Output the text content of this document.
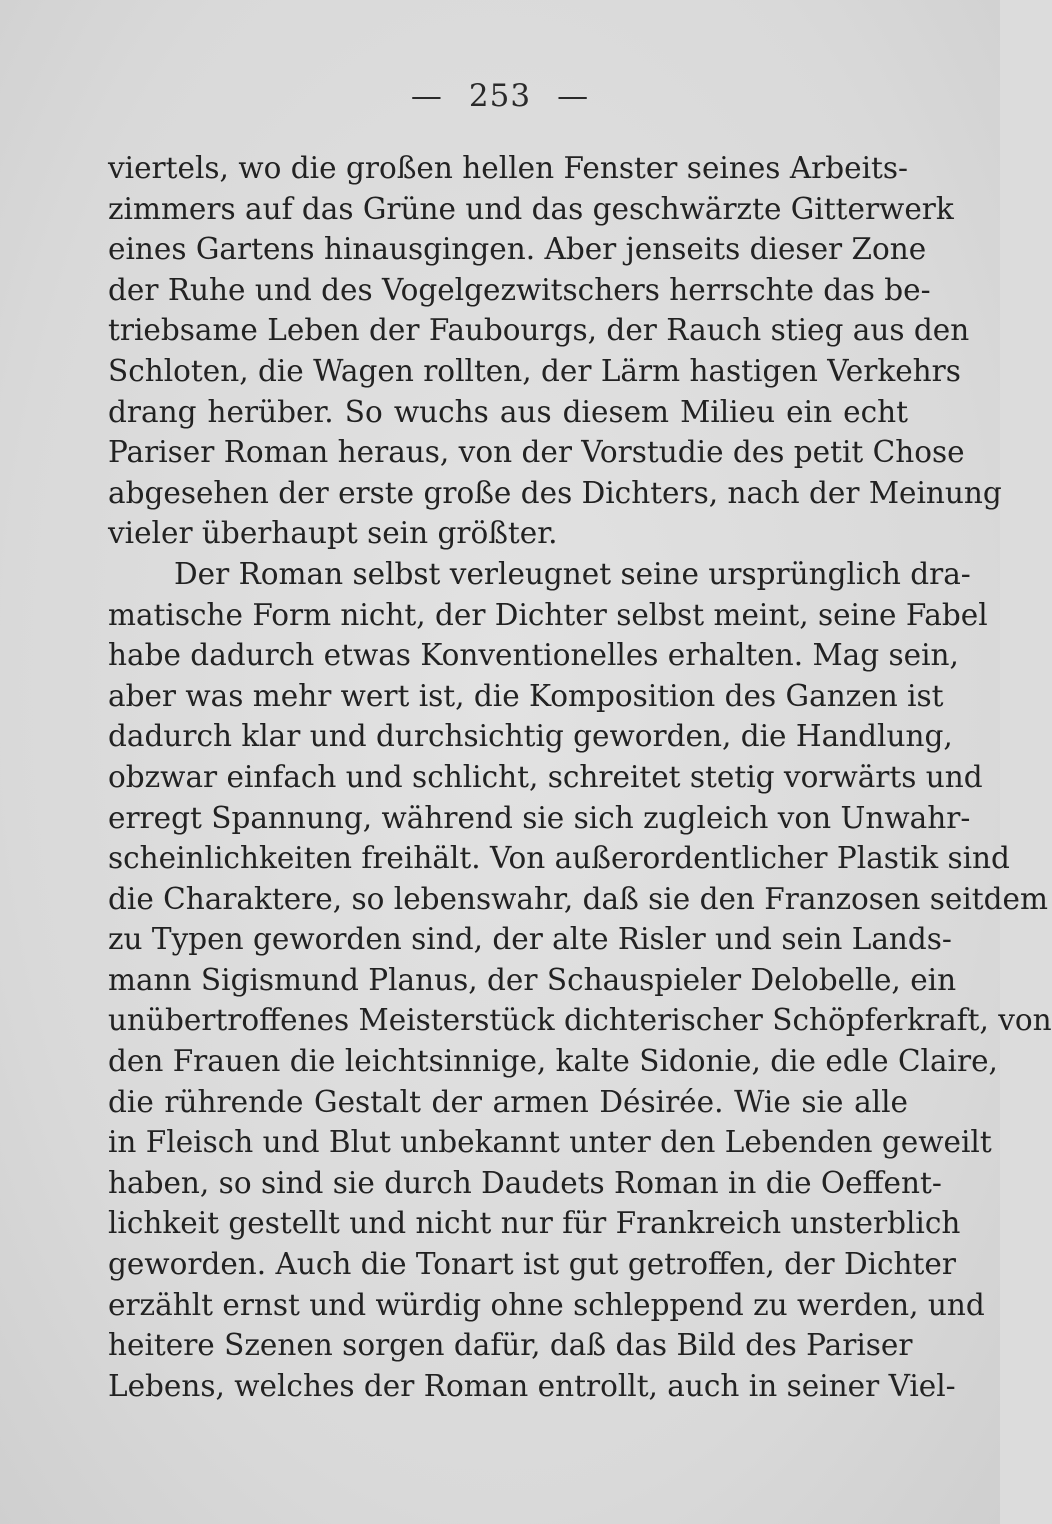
— 253 —
viertels, wo die großen hellen Fenster seines Arbeits-
zimmers auf das Grüne und das geschwärzte Gitterwerk
eines Gartens hinausgingen. Aber jenseits dieser Zone
der Ruhe und des Vogelgezwitschers herrschte das be-
triebsame Leben der Faubourgs, der Rauch stieg aus den
Schloten, die Wagen rollten, der Lärm hastigen Verkehrs
drang herüber. So wuchs aus diesem Milieu ein echt
Pariser Roman heraus, von der Vorstudie des petit Chose
abgesehen der erste große des Dichters, nach der Meinung
vieler überhaupt sein größter.
Der Roman selbst verleugnet seine ursprünglich dra-
matische Form nicht, der Dichter selbst meint, seine Fabel
habe dadurch etwas Konventionelles erhalten. Mag sein,
aber was mehr wert ist, die Komposition des Ganzen ist
dadurch klar und durchsichtig geworden, die Handlung,
obzwar einfach und schlicht, schreitet stetig vorwärts und
erregt Spannung, während sie sich zugleich von Unwahr-
scheinlichkeiten freihält. Von außerordentlicher Plastik sind
die Charaktere, so lebenswahr, daß sie den Franzosen seitdem
zu Typen geworden sind, der alte Risler und sein Lands-
mann Sigismund Planus, der Schauspieler Delobelle, ein
unübertroffenes Meisterstück dichterischer Schöpferkraft, von
den Frauen die leichtsinnige, kalte Sidonie, die edle Claire,
die rührende Gestalt der armen Désirée. Wie sie alle
in Fleisch und Blut unbekannt unter den Lebenden geweilt
haben, so sind sie durch Daudets Roman in die Oeffent-
lichkeit gestellt und nicht nur für Frankreich unsterblich
geworden. Auch die Tonart ist gut getroffen, der Dichter
erzählt ernst und würdig ohne schleppend zu werden, und
heitere Szenen sorgen dafür, daß das Bild des Pariser
Lebens, welches der Roman entrollt, auch in seiner Viel-
